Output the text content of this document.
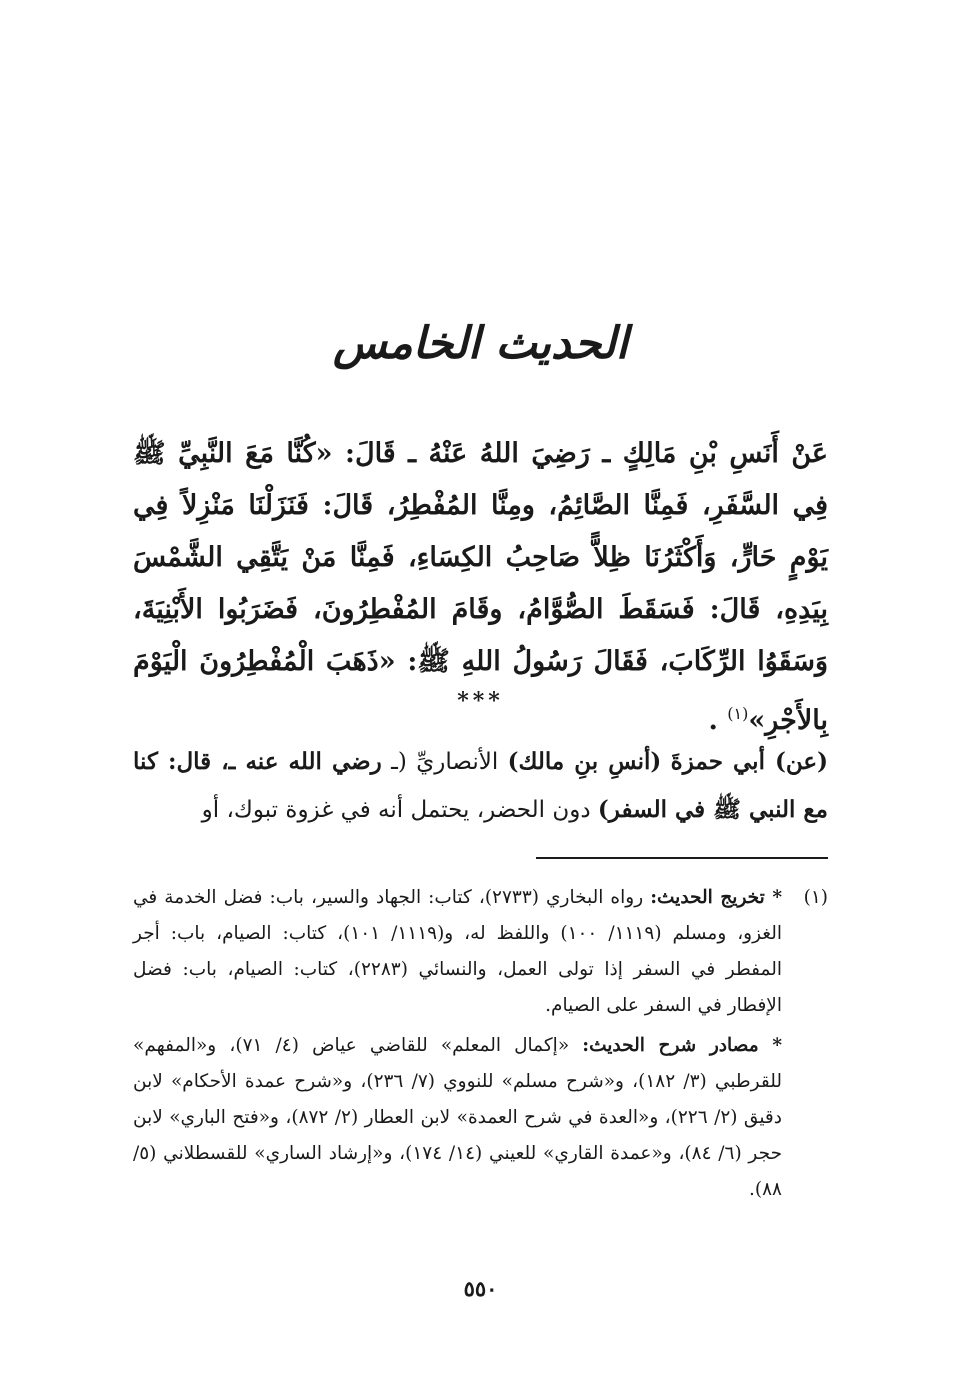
الحديث الخامس
عَنْ أَنَسِ بْنِ مَالِكٍ ـ رَضِيَ اللهُ عَنْهُ ـ قَالَ: «كُنَّا مَعَ النَّبِيِّ ﷺ فِي السَّفَرِ، فَمِنَّا الصَّائِمُ، ومِنَّا المُفْطِرُ، قَالَ: فَنَزَلْنَا مَنْزِلاً فِي يَوْمٍ حَارٍّ، وَأَكْثَرُنَا ظِلاًّ صَاحِبُ الكِسَاءِ، فَمِنَّا مَنْ يَتَّقِي الشَّمْسَ بِيَدِهِ، قَالَ: فَسَقَطَ الصُّوَّامُ، وقَامَ المُفْطِرُونَ، فَضَرَبُوا الأَبْنِيَةَ، وَسَقَوُا الرِّكَابَ، فَقَالَ رَسُولُ اللهِ ﷺ: «ذَهَبَ الْمُفْطِرُونَ الْيَوْمَ بِالأَجْرِ»$^{(١)}$ .
***
(عن) أبي حمزةَ (أنسِ بنِ مالك) الأنصاريِّ (ـ رضي الله عنه ـ، قال: كنا مع النبي ﷺ في السفر) دون الحضر، يحتمل أنه في غزوة تبوك، أو
(١)

* تخريج الحديث: رواه البخاري (٢٧٣٣)، كتاب: الجهاد والسير، باب: فضل الخدمة في الغزو، ومسلم (١١١٩/ ١٠٠) واللفظ له، و(١١١٩/ ١٠١)، كتاب: الصيام، باب: أجر المفطر في السفر إذا تولى العمل، والنسائي (٢٢٨٣)، كتاب: الصيام، باب: فضل الإفطار في السفر على الصيام.

* مصادر شرح الحديث: «إكمال المعلم» للقاضي عياض (٤/ ٧١)، و«المفهم» للقرطبي (٣/ ١٨٢)، و«شرح مسلم» للنووي (٧/ ٢٣٦)، و«شرح عمدة الأحكام» لابن دقيق (٢/ ٢٢٦)، و«العدة في شرح العمدة» لابن العطار (٢/ ٨٧٢)، و«فتح الباري» لابن حجر (٦/ ٨٤)، و«عمدة القاري» للعيني (١٤/ ١٧٤)، و«إرشاد الساري» للقسطلاني (٥/ ٨٨).

٥٥٠
